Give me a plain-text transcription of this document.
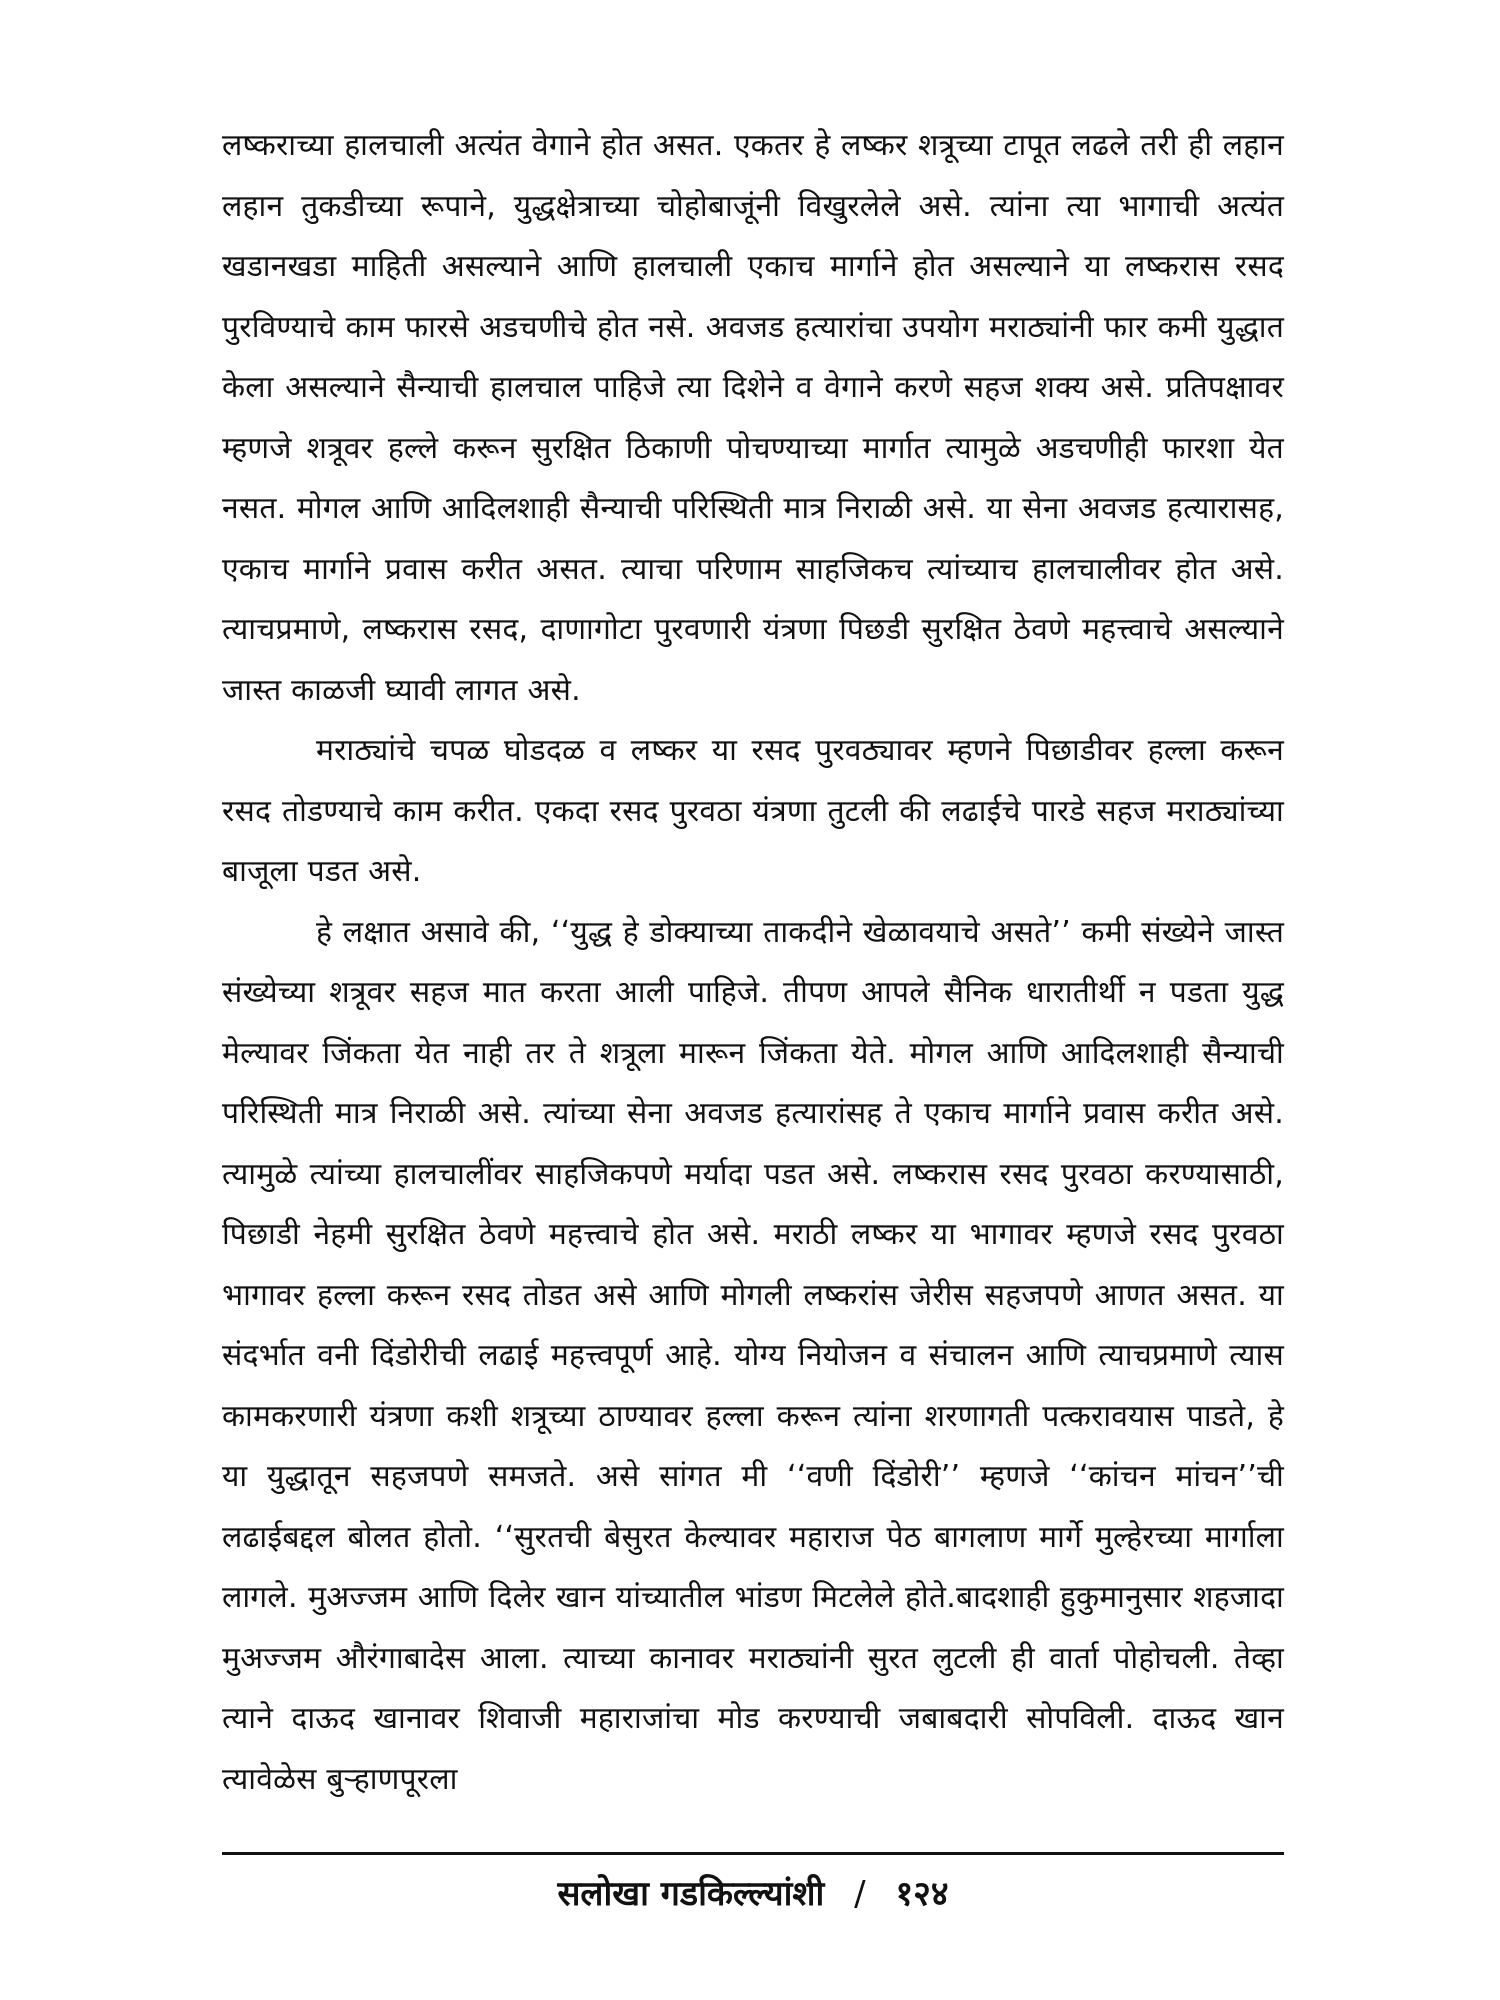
लष्कराच्या हालचाली अत्यंत वेगाने होत असत. एकतर हे लष्कर शत्रूच्या टापूत लढले तरी ही लहान लहान तुकडीच्या रूपाने, युद्धक्षेत्राच्या चोहोबाजूंनी विखुरलेले असे. त्यांना त्या भागाची अत्यंत खडानखडा माहिती असल्याने आणि हालचाली एकाच मार्गाने होत असल्याने या लष्करास रसद पुरविण्याचे काम फारसे अडचणीचे होत नसे. अवजड हत्यारांचा उपयोग मराठ्यांनी फार कमी युद्धात केला असल्याने सैन्याची हालचाल पाहिजे त्या दिशेने व वेगाने करणे सहज शक्य असे. प्रतिपक्षावर म्हणजे शत्रूवर हल्ले करून सुरक्षित ठिकाणी पोचण्याच्या मार्गात त्यामुळे अडचणीही फारशा येत नसत. मोगल आणि आदिलशाही सैन्याची परिस्थिती मात्र निराळी असे. या सेना अवजड हत्यारासह, एकाच मार्गाने प्रवास करीत असत. त्याचा परिणाम साहजिकच त्यांच्याच हालचालीवर होत असे. त्याचप्रमाणे, लष्करास रसद, दाणागोटा पुरवणारी यंत्रणा पिछडी सुरक्षित ठेवणे महत्त्वाचे असल्याने जास्त काळजी घ्यावी लागत असे.

मराठ्यांचे चपळ घोडदळ व लष्कर या रसद पुरवठ्यावर म्हणने पिछाडीवर हल्ला करून रसद तोडण्याचे काम करीत. एकदा रसद पुरवठा यंत्रणा तुटली की लढाईचे पारडे सहज मराठ्यांच्या बाजूला पडत असे.

हे लक्षात असावे की, ‘‘युद्ध हे डोक्याच्या ताकदीने खेळावयाचे असते’’ कमी संख्येने जास्त संख्येच्या शत्रूवर सहज मात करता आली पाहिजे. तीपण आपले सैनिक धारातीर्थी न पडता युद्ध मेल्यावर जिंकता येत नाही तर ते शत्रूला मारून जिंकता येते. मोगल आणि आदिलशाही सैन्याची परिस्थिती मात्र निराळी असे. त्यांच्या सेना अवजड हत्यारांसह ते एकाच मार्गाने प्रवास करीत असे. त्यामुळे त्यांच्या हालचालींवर साहजिकपणे मर्यादा पडत असे. लष्करास रसद पुरवठा करण्यासाठी, पिछाडी नेहमी सुरक्षित ठेवणे महत्त्वाचे होत असे. मराठी लष्कर या भागावर म्हणजे रसद पुरवठा भागावर हल्ला करून रसद तोडत असे आणि मोगली लष्करांस जेरीस सहजपणे आणत असत. या संदर्भात वनी दिंडोरीची लढाई महत्त्वपूर्ण आहे. योग्य नियोजन व संचालन आणि त्याचप्रमाणे त्यास कामकरणारी यंत्रणा कशी शत्रूच्या ठाण्यावर हल्ला करून त्यांना शरणागती पत्करावयास पाडते, हे या युद्धातून सहजपणे समजते. असे सांगत मी ‘‘वणी दिंडोरी’’ म्हणजे ‘‘कांचन मांचन’’ची लढाईबद्दल बोलत होतो. ‘‘सुरतची बेसुरत केल्यावर महाराज पेठ बागलाण मार्गे मुल्हेरच्या मार्गाला लागले. मुअज्जम आणि दिलेर खान यांच्यातील भांडण मिटलेले होते.बादशाही हुकुमानुसार शहजादा मुअज्जम औरंगाबादेस आला. त्याच्या कानावर मराठ्यांनी सुरत लुटली ही वार्ता पोहोचली. तेव्हा त्याने दाऊद खानावर शिवाजी महाराजांचा मोड करण्याची जबाबदारी सोपविली. दाऊद खान त्यावेळेस बुऱ्हाणपूरला

सलोखा गडकिल्ल्यांशी / १२४
